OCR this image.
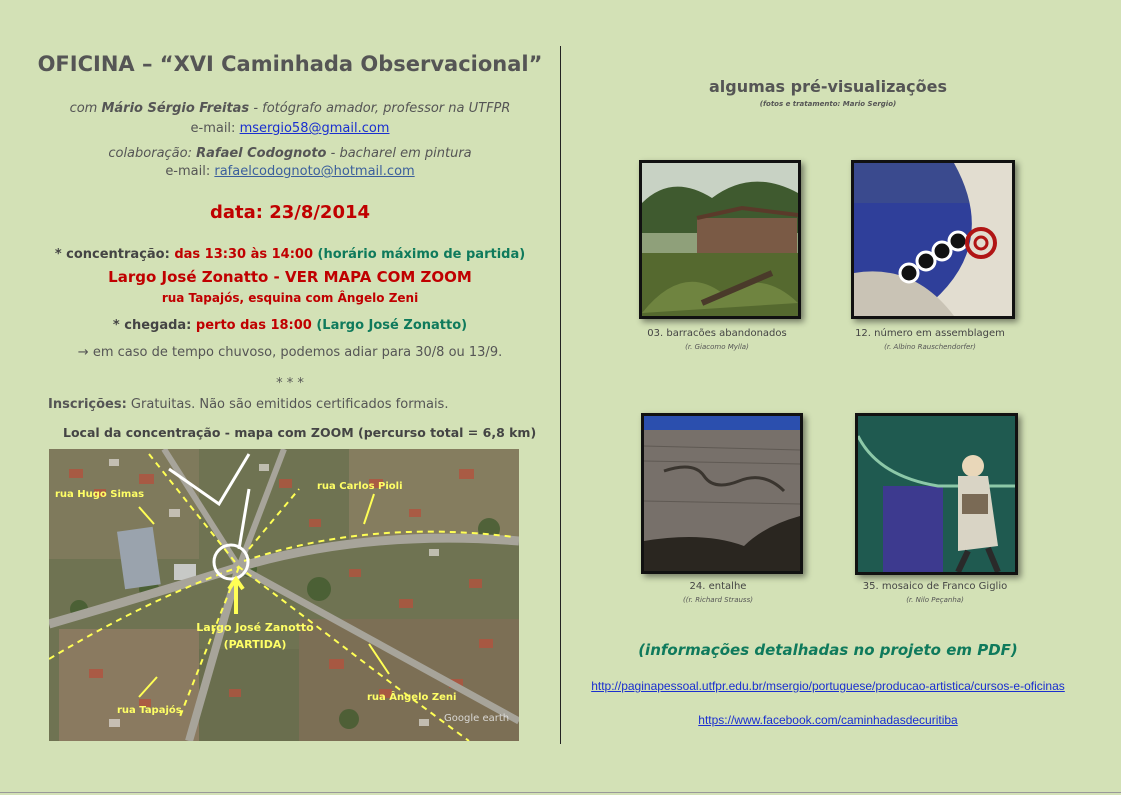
OFICINA – “XVI Caminhada Observacional”
com Mário Sérgio Freitas - fotógrafo amador, professor na UTFPR
e-mail: msergio58@gmail.com
colaboração: Rafael Codognoto - bacharel em pintura
e-mail: rafaelcodognoto@hotmail.com
data: 23/8/2014
* concentração: das 13:30 às 14:00 (horário máximo de partida)
Largo José Zonatto - VER MAPA COM ZOOM
rua Tapajós, esquina com Ângelo Zeni
* chegada: perto das 18:00 (Largo José Zonatto)
→ em caso de tempo chuvoso, podemos adiar para 30/8 ou 13/9.
* * *
Inscrições: Gratuitas. Não são emitidos certificados formais.
Local da concentração - mapa com ZOOM (percurso total = 6,8 km)
rua Hugo Simas
rua Carlos Pioli
Largo José Zanotto
(PARTIDA)
rua Ângelo Zeni
rua Tapajós
Google earth
algumas pré-visualizações
(fotos e tratamento: Mario Sergio)
03. barracões abandonados
(r. Giacomo Mylla)
12. número em assemblagem
(r. Albino Rauschendorfer)
24. entalhe
((r. Richard Strauss)
35. mosaico de Franco Giglio
(r. Nilo Peçanha)
(informações detalhadas no projeto em PDF)
http://paginapessoal.utfpr.edu.br/msergio/portuguese/producao-artistica/cursos-e-oficinas
https://www.facebook.com/caminhadasdecuritiba
